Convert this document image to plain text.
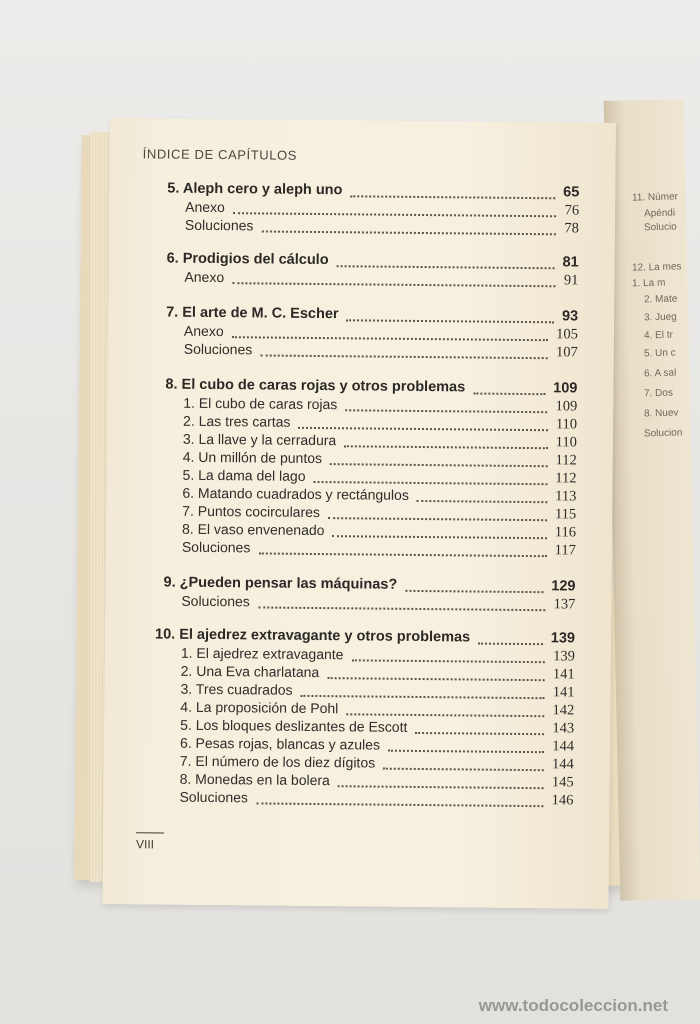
ÍNDICE DE CAPÍTULOS
5. Aleph cero y aleph uno	65
Anexo	76
Soluciones	78
6. Prodigios del cálculo	81
Anexo	91
7. El arte de M. C. Escher	93
Anexo	105
Soluciones	107
8. El cubo de caras rojas y otros problemas	109
1. El cubo de caras rojas	109
2. Las tres cartas	110
3. La llave y la cerradura	110
4. Un millón de puntos	112
5. La dama del lago	112
6. Matando cuadrados y rectángulos	113
7. Puntos cocirculares	115
8. El vaso envenenado	116
Soluciones	117
9. ¿Pueden pensar las máquinas?	129
Soluciones	137
10. El ajedrez extravagante y otros problemas	139
1. El ajedrez extravagante	139
2. Una Eva charlatana	141
3. Tres cuadrados	141
4. La proposición de Pohl	142
5. Los bloques deslizantes de Escott	143
6. Pesas rojas, blancas y azules	144
7. El número de los diez dígitos	144
8. Monedas en la bolera	145
Soluciones	146
VIII
11. Númer
Apéndi
Solucio
12. La mes
1. La m
2. Mate
3. Jueg
4. El tr
5. Un c
6. A sal
7. Dos
8. Nuev
Solucion
www.todocoleccion.net
